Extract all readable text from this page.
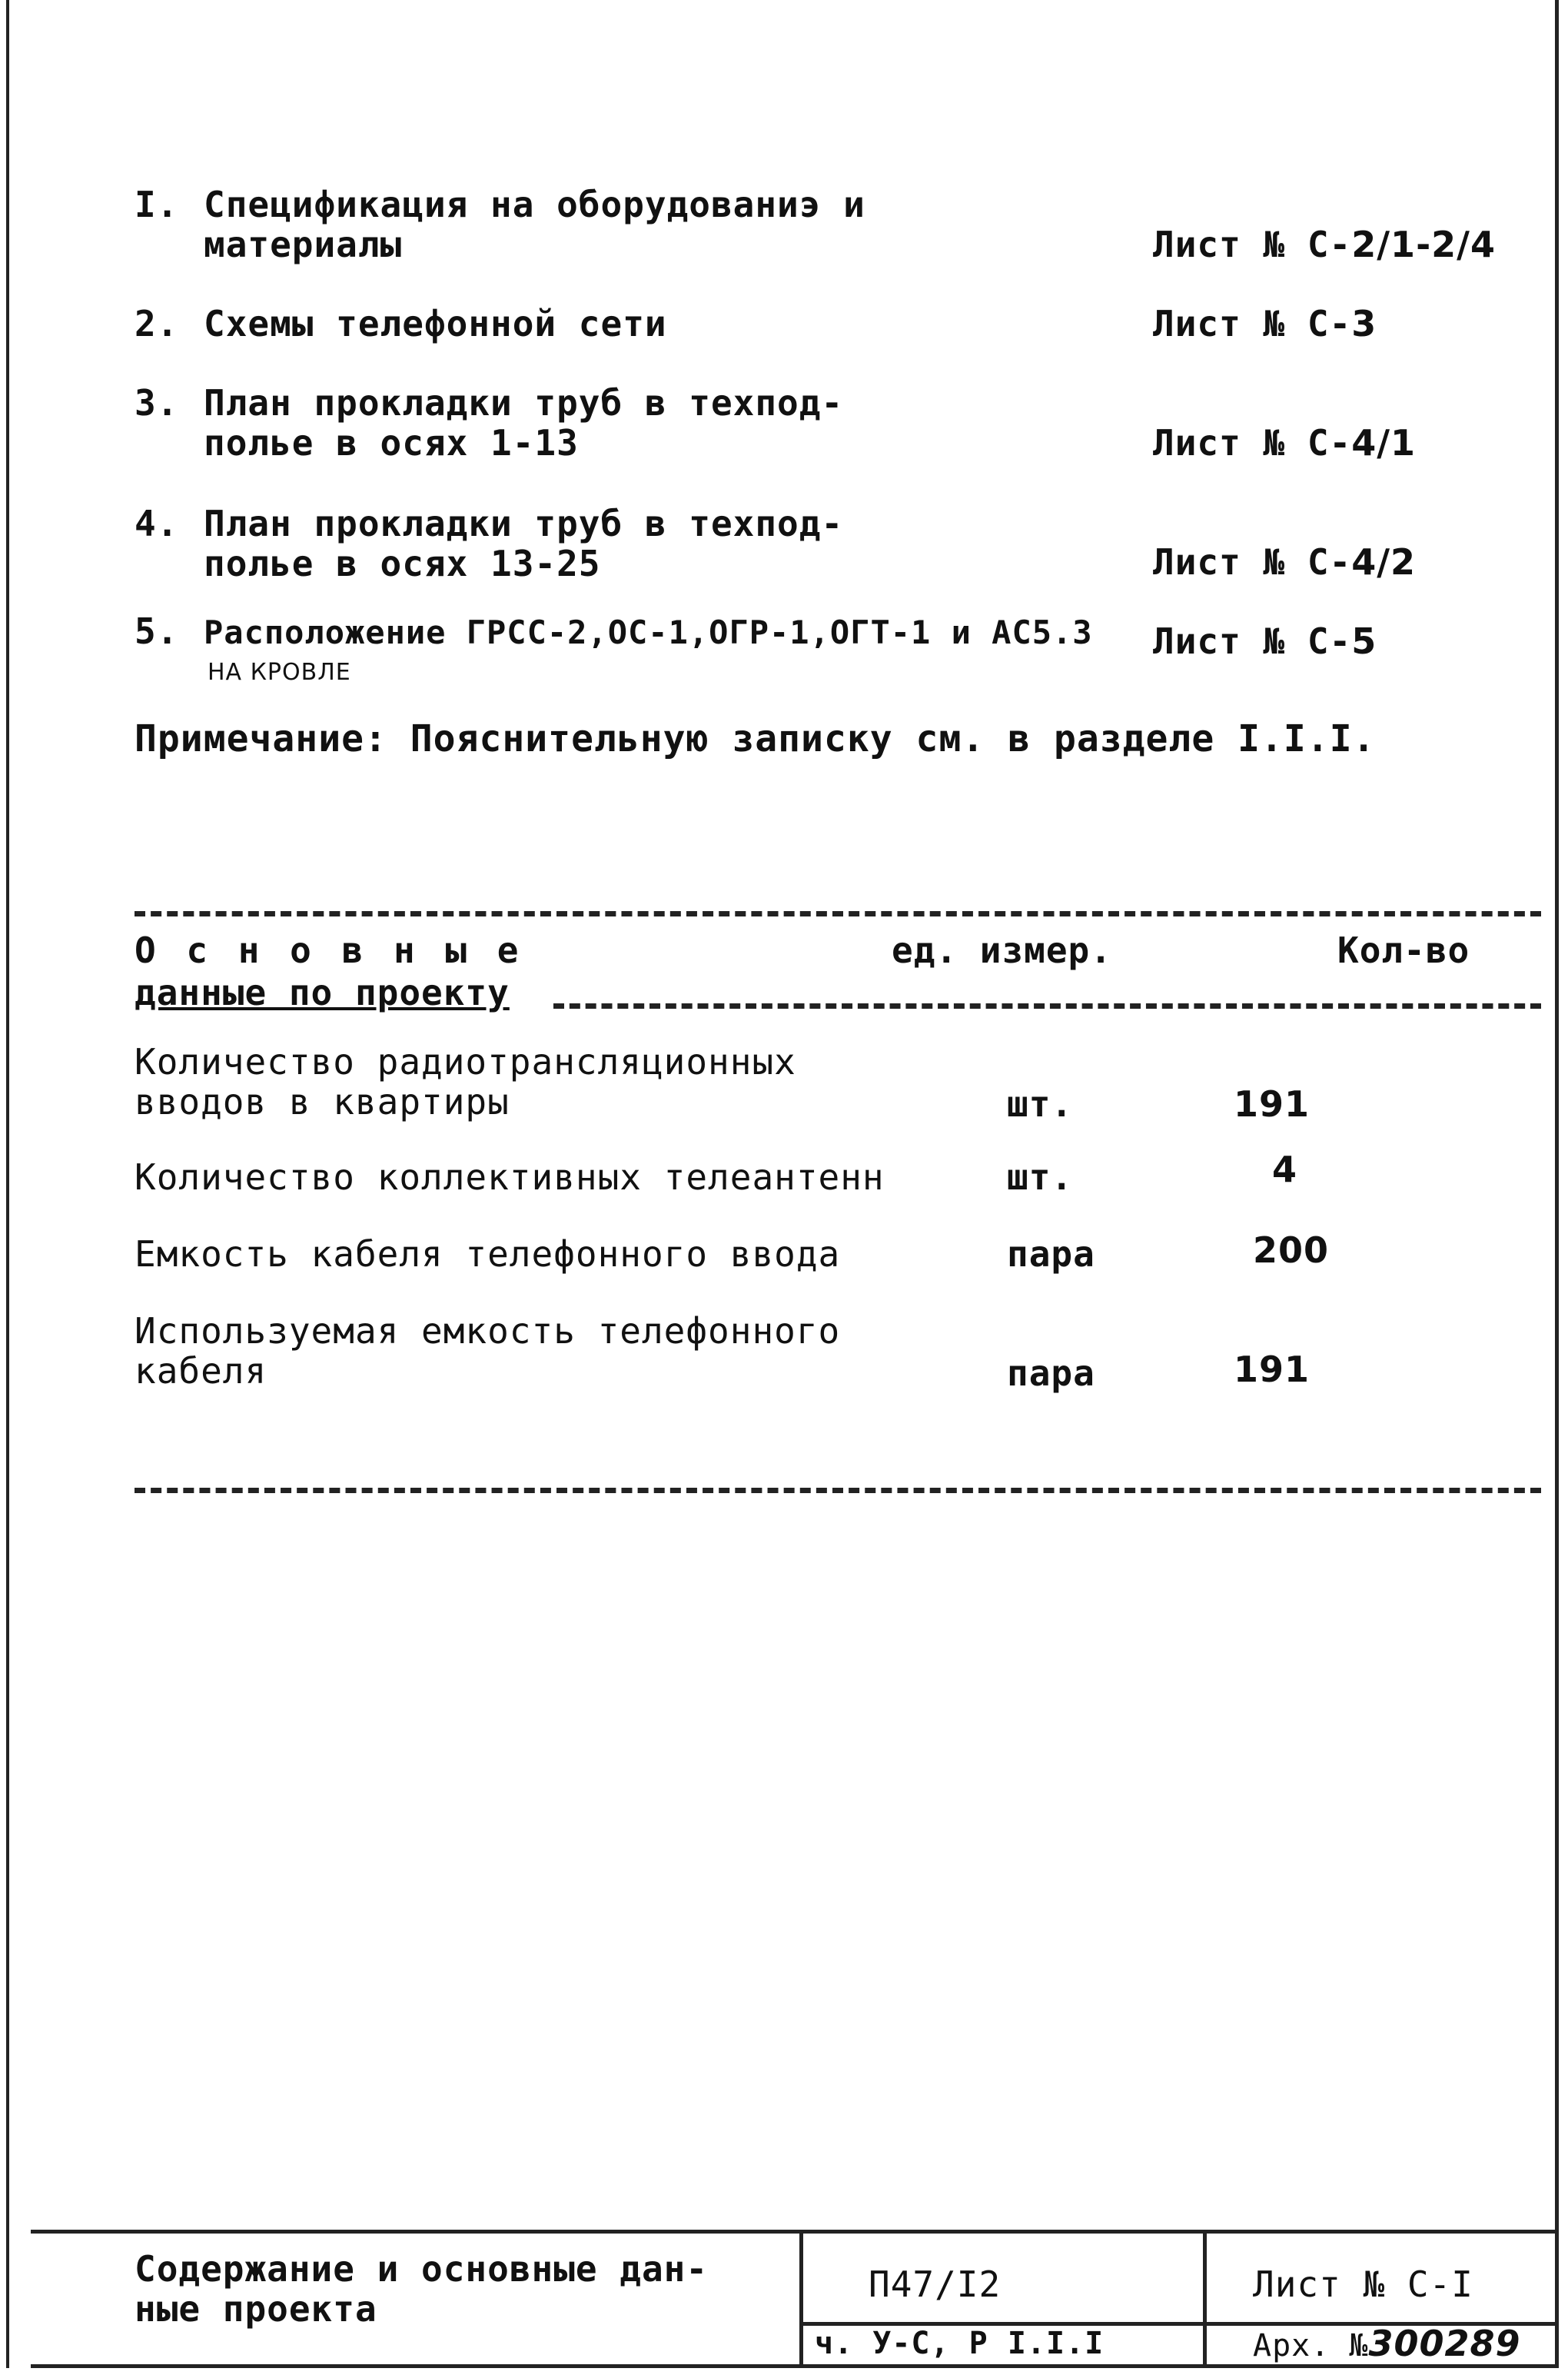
I. Спецификация на оборудованиэ и
материалы	Лист № С-2/1-2/4
2. Схемы телефонной сети	Лист № С-3
3. План прокладки труб в техпод-
полье в осях 1-13	Лист № С-4/1
4. План прокладки труб в техпод-
полье в осях 13-25	Лист № С-4/2
5. Расположение ГРСС-2,ОС-1,ОГР-1,ОГТ-1 и АС5.3
НА КРОВЛЕ
Лист № С-5
Примечание: Пояснительную записку см. в разделе I.I.I.
О с н о в н ы е
данные по проекту
ед. измер.	Кол-во
Количество радиотрансляционных
вводов в квартиры	шт.	191
Количество коллективных телеантенн	шт.	4
Емкость кабеля телефонного ввода	пара	200
Используемая емкость телефонного
кабеля	пара	191
Содержание и основные дан-
ные проекта
П47/I2
ч. У-С, Р I.I.I
Лист № С-I
Арх. №300289
